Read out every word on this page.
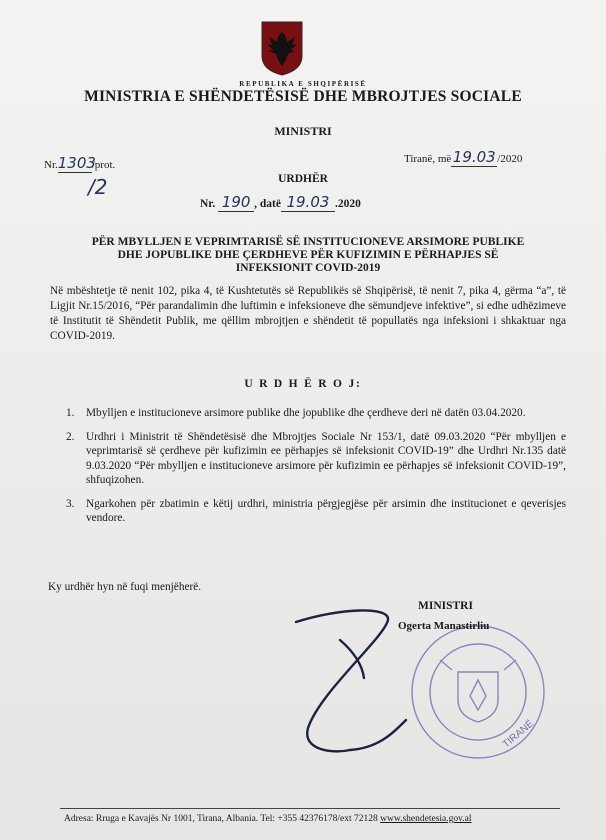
REPUBLIKA E SHQIPËRISË
MINISTRIA E SHËNDETËSISË DHE MBROJTJES SOCIALE
MINISTRI
Nr.1303/prot.
/2
Tiranë, më 19.03 /2020
URDHËR
Nr. 190 , datë 19.03 .2020
PËR MBYLLJEN E VEPRIMTARISË SË INSTITUCIONEVE ARSIMORE PUBLIKE
DHE JOPUBLIKE DHE ÇERDHEVE PËR KUFIZIMIN E PËRHAPJES SË
INFEKSIONIT COVID-2019
Në mbështetje të nenit 102, pika 4, të Kushtetutës së Republikës së Shqipërisë, të nenit 7, pika 4, gërma “a”, të Ligjit Nr.15/2016, “Për parandalimin dhe luftimin e infeksioneve dhe sëmundjeve infektive”, si edhe udhëzimeve të Institutit të Shëndetit Publik, me qëllim mbrojtjen e shëndetit të popullatës nga infeksioni i shkaktuar nga COVID-2019.
U R D H Ë R O J:
1. Mbylljen e institucioneve arsimore publike dhe jopublike dhe çerdheve deri në datën 03.04.2020.
2. Urdhri i Ministrit të Shëndetësisë dhe Mbrojtjes Sociale Nr 153/1, datë 09.03.2020 “Për mbylljen e veprimtarisë së çerdheve për kufizimin ee përhapjes së infeksionit COVID-19” dhe Urdhri Nr.135 datë 9.03.2020 “Për mbylljen e institucioneve arsimore për kufizimin ee përhapjes së infeksionit COVID-19”, shfuqizohen.
3. Ngarkohen për zbatimin e këtij urdhri, ministria përgjegjëse për arsimin dhe institucionet e qeverisjes vendore.
Ky urdhër hyn në fuqi menjëherë.
TIRANË
MINISTRI
Ogerta Manastirliu
Adresa: Rruga e Kavajës Nr 1001, Tirana, Albania. Tel: +355 42376178/ext 72128 www.shendetesia.gov.al
